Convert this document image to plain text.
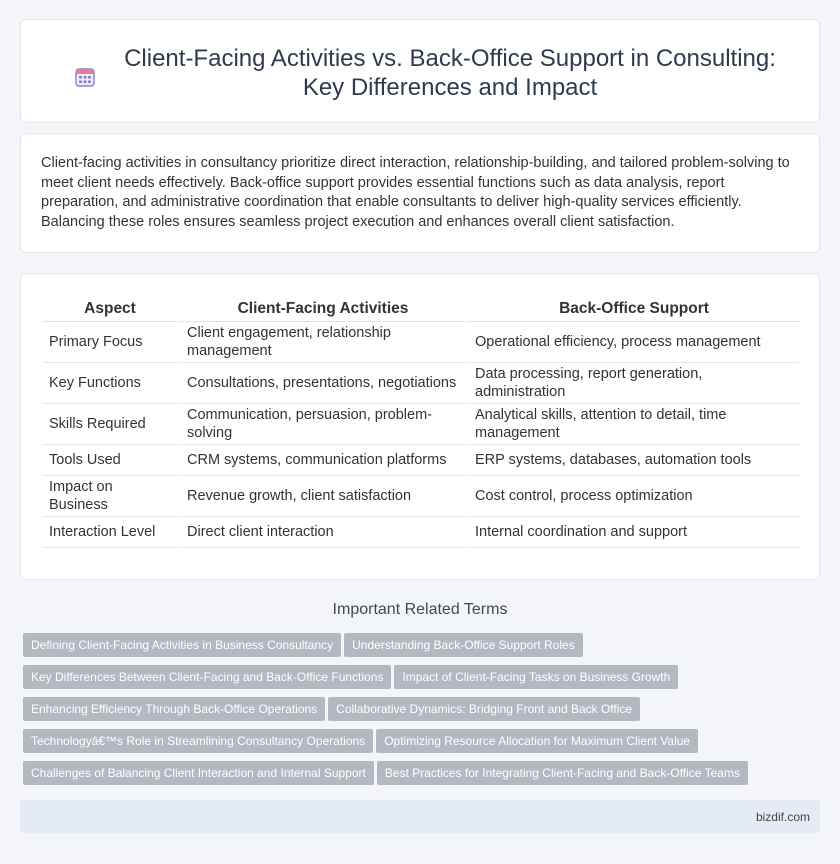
Client-Facing Activities vs. Back-Office Support in Consulting: Key Differences and Impact

Client-facing activities in consultancy prioritize direct interaction, relationship-building, and tailored problem-solving to meet client needs effectively. Back-office support provides essential functions such as data analysis, report preparation, and administrative coordination that enable consultants to deliver high-quality services efficiently. Balancing these roles ensures seamless project execution and enhances overall client satisfaction.

Aspect	Client-Facing Activities	Back-Office Support
Primary Focus	Client engagement, relationship management	Operational efficiency, process management
Key Functions	Consultations, presentations, negotiations	Data processing, report generation, administration
Skills Required	Communication, persuasion, problem-solving	Analytical skills, attention to detail, time management
Tools Used	CRM systems, communication platforms	ERP systems, databases, automation tools
Impact on Business	Revenue growth, client satisfaction	Cost control, process optimization
Interaction Level	Direct client interaction	Internal coordination and support
Important Related Terms
Defining Client-Facing Activities in Business Consultancy Understanding Back-Office Support Roles
Key Differences Between Client-Facing and Back-Office Functions Impact of Client-Facing Tasks on Business Growth
Enhancing Efficiency Through Back-Office Operations Collaborative Dynamics: Bridging Front and Back Office
Technologyâ€™s Role in Streamlining Consultancy Operations Optimizing Resource Allocation for Maximum Client Value
Challenges of Balancing Client Interaction and Internal Support Best Practices for Integrating Client-Facing and Back-Office Teams
bizdif.com
